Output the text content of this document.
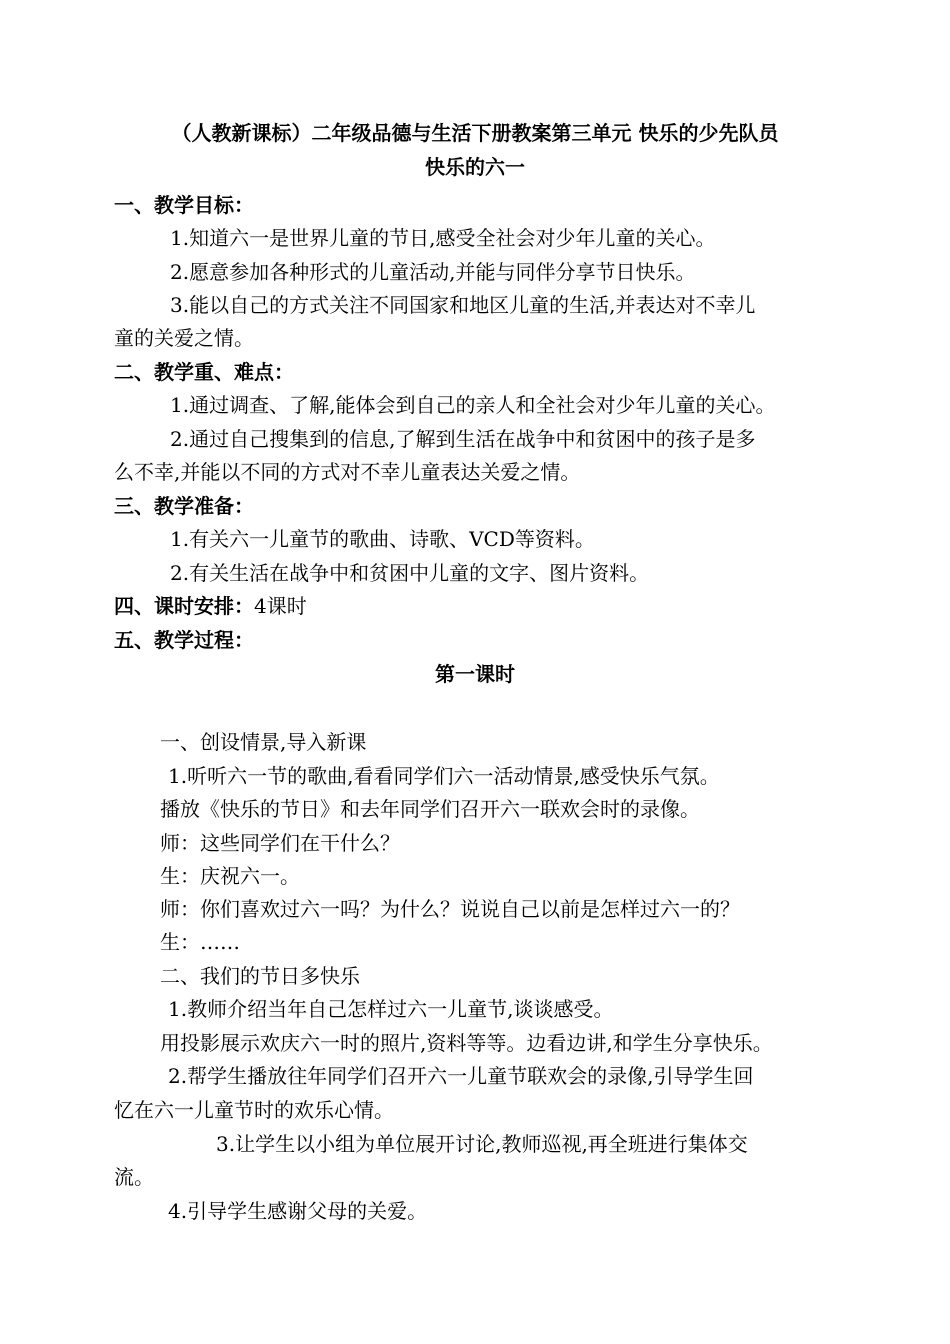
（人教新课标）二年级品德与生活下册教案第三单元 快乐的少先队员
快乐的六一
一、教学目标：
1.知道六一是世界儿童的节日,感受全社会对少年儿童的关心。
2.愿意参加各种形式的儿童活动,并能与同伴分享节日快乐。
3.能以自己的方式关注不同国家和地区儿童的生活,并表达对不幸儿
童的关爱之情。
二、教学重、难点：
1.通过调查、了解,能体会到自己的亲人和全社会对少年儿童的关心。
2.通过自己搜集到的信息,了解到生活在战争中和贫困中的孩子是多
么不幸,并能以不同的方式对不幸儿童表达关爱之情。
三、教学准备：
1.有关六一儿童节的歌曲、诗歌、VCD等资料。
2.有关生活在战争中和贫困中儿童的文字、图片资料。
四、课时安排：4课时
五、教学过程：
第一课时
一、创设情景,导入新课
1.听听六一节的歌曲,看看同学们六一活动情景,感受快乐气氛。
播放《快乐的节日》和去年同学们召开六一联欢会时的录像。
师：这些同学们在干什么？
生：庆祝六一。
师：你们喜欢过六一吗？为什么？说说自己以前是怎样过六一的？
生：……
二、我们的节日多快乐
1.教师介绍当年自己怎样过六一儿童节,谈谈感受。
用投影展示欢庆六一时的照片,资料等等。边看边讲,和学生分享快乐。
2.帮学生播放往年同学们召开六一儿童节联欢会的录像,引导学生回
忆在六一儿童节时的欢乐心情。
3.让学生以小组为单位展开讨论,教师巡视,再全班进行集体交
流。
4.引导学生感谢父母的关爱。
